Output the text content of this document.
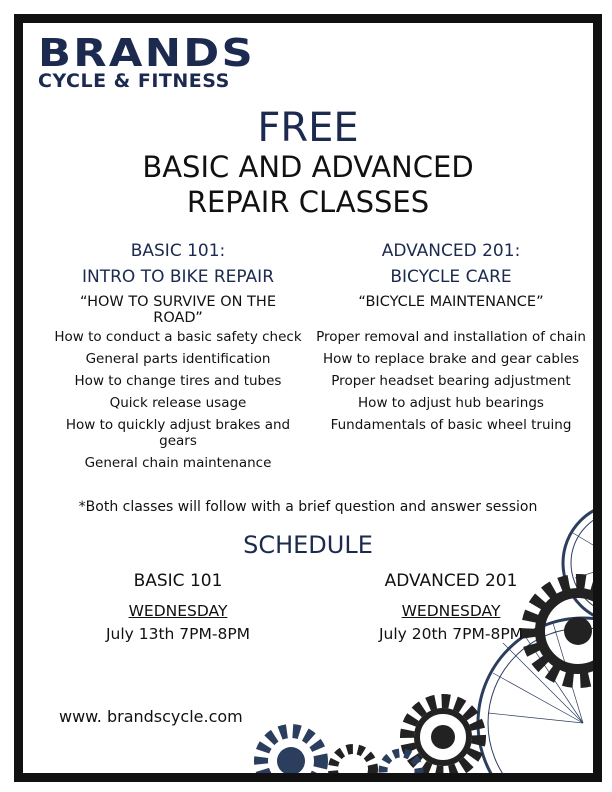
BRANDS
CYCLE & FITNESS
FREE
BASIC AND ADVANCED
REPAIR CLASSES
BASIC 101:
INTRO TO BIKE REPAIR
ADVANCED 201:
BICYCLE CARE
“HOW TO SURVIVE ON THE ROAD”
“BICYCLE MAINTENANCE”
How to conduct a basic safety check
General parts identification
How to change tires and tubes
Quick release usage
How to quickly adjust brakes and gears
General chain maintenance
Proper removal and installation of chain
How to replace brake and gear cables
Proper headset bearing adjustment
How to adjust hub bearings
Fundamentals of basic wheel truing
*Both classes will follow with a brief question and answer session
SCHEDULE
BASIC 101	ADVANCED 201
WEDNESDAY	WEDNESDAY
July 13th 7PM-8PM	July 20th 7PM-8PM
www. brandscycle.com
